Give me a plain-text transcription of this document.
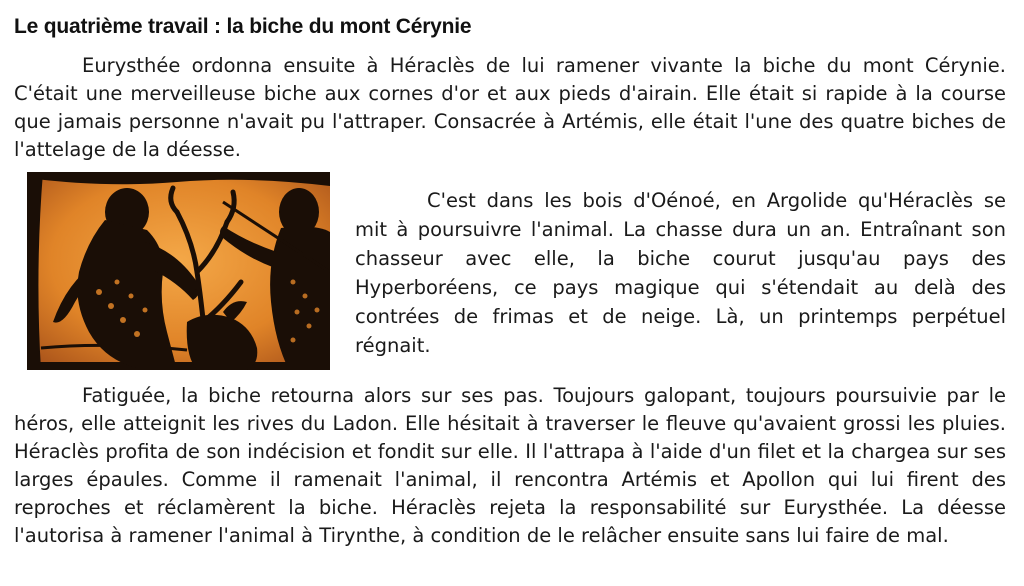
Le quatrième travail : la biche du mont Cérynie

Eurysthée ordonna ensuite à Héraclès de lui ramener vivante la biche du mont Cérynie. C'était une merveilleuse biche aux cornes d'or et aux pieds d'airain. Elle était si rapide à la course que jamais personne n'avait pu l'attraper. Consacrée à Artémis, elle était l'une des quatre biches de l'attelage de la déesse.

C'est dans les bois d'Oénoé, en Argolide qu'Héraclès se mit à poursuivre l'animal. La chasse dura un an. Entraînant son chasseur avec elle, la biche courut jusqu'au pays des Hyperboréens, ce pays magique qui s'étendait au delà des contrées de frimas et de neige. Là, un printemps perpétuel régnait.

Fatiguée, la biche retourna alors sur ses pas. Toujours galopant, toujours poursuivie par le héros, elle atteignit les rives du Ladon. Elle hésitait à traverser le fleuve qu'avaient grossi les pluies. Héraclès profita de son indécision et fondit sur elle. Il l'attrapa à l'aide d'un filet et la chargea sur ses larges épaules. Comme il ramenait l'animal, il rencontra Artémis et Apollon qui lui firent des reproches et réclamèrent la biche. Héraclès rejeta la responsabilité sur Eurysthée. La déesse l'autorisa à ramener l'animal à Tirynthe, à condition de le relâcher ensuite sans lui faire de mal.
